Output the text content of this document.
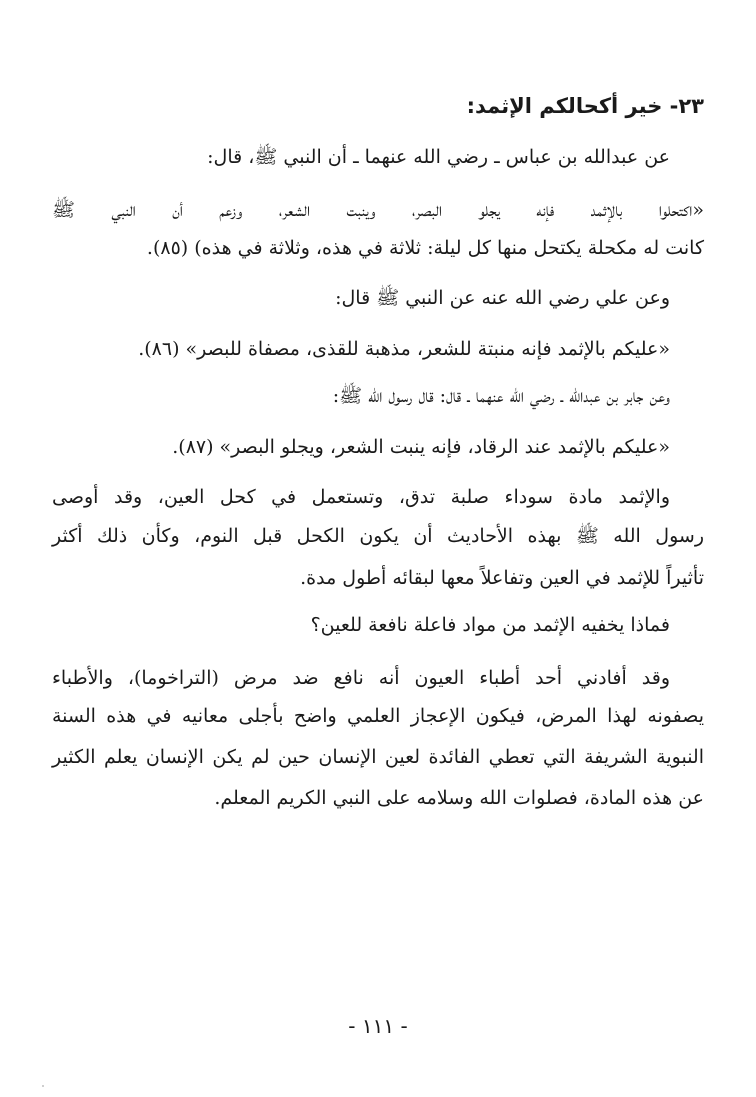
٢٣- خير أكحالكم الإثمد:
عن عبدالله بن عباس ـ رضي الله عنهما ـ أن النبي ﷺ، قال:
«اكتحلوا بالإثمد فإنه يجلو البصر، وينبت الشعر، وزعم أن النبي ﷺ
كانت له مكحلة يكتحل منها كل ليلة: ثلاثة في هذه، وثلاثة في هذه) (٨٥).
وعن علي رضي الله عنه عن النبي ﷺ قال:
«عليكم بالإثمد فإنه منبتة للشعر، مذهبة للقذى، مصفاة للبصر» (٨٦).
وعن جابر بن عبدالله ـ رضي الله عنهما ـ قال: قال رسول الله ﷺ:
«عليكم بالإثمد عند الرقاد، فإنه ينبت الشعر، ويجلو البصر» (٨٧).
والإثمد مادة سوداء صلبة تدق، وتستعمل في كحل العين، وقد أوصى
رسول الله ﷺ بهذه الأحاديث أن يكون الكحل قبل النوم، وكأن ذلك أكثر
تأثيراً للإثمد في العين وتفاعلاً معها لبقائه أطول مدة.
فماذا يخفيه الإثمد من مواد فاعلة نافعة للعين؟
وقد أفادني أحد أطباء العيون أنه نافع ضد مرض (التراخوما)، والأطباء
يصفونه لهذا المرض، فيكون الإعجاز العلمي واضح بأجلى معانيه في هذه السنة
النبوية الشريفة التي تعطي الفائدة لعين الإنسان حين لم يكن الإنسان يعلم الكثير
عن هذه المادة، فصلوات الله وسلامه على النبي الكريم المعلم.
- ١١١ -
